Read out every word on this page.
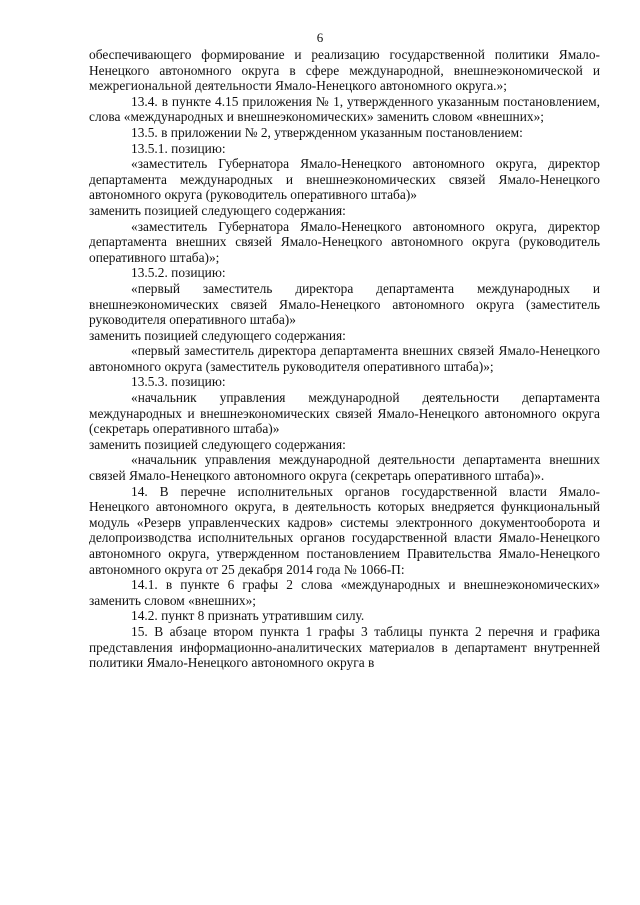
6

обеспечивающего формирование и реализацию государственной политики Ямало-Ненецкого автономного округа в сфере международной, внешнеэкономической и межрегиональной деятельности Ямало-Ненецкого автономного округа.»;

13.4. в пункте 4.15 приложения № 1, утвержденного указанным постановлением, слова «международных и внешнеэкономических» заменить словом «внешних»;

13.5. в приложении № 2, утвержденном указанным постановлением:

13.5.1. позицию:

«заместитель Губернатора Ямало-Ненецкого автономного округа, директор департамента международных и внешнеэкономических связей Ямало-Ненецкого автономного округа (руководитель оперативного штаба)»

заменить позицией следующего содержания:

«заместитель Губернатора Ямало-Ненецкого автономного округа, директор департамента внешних связей Ямало-Ненецкого автономного округа (руководитель оперативного штаба)»;

13.5.2. позицию:

«первый заместитель директора департамента международных и внешнеэкономических связей Ямало-Ненецкого автономного округа (заместитель руководителя оперативного штаба)»

заменить позицией следующего содержания:

«первый заместитель директора департамента внешних связей Ямало-Ненецкого автономного округа (заместитель руководителя оперативного штаба)»;

13.5.3. позицию:

«начальник управления международной деятельности департамента международных и внешнеэкономических связей Ямало-Ненецкого автономного округа (секретарь оперативного штаба)»

заменить позицией следующего содержания:

«начальник управления международной деятельности департамента внешних связей Ямало-Ненецкого автономного округа (секретарь оперативного штаба)».

14. В перечне исполнительных органов государственной власти Ямало-Ненецкого автономного округа, в деятельность которых внедряется функциональный модуль «Резерв управленческих кадров» системы электронного документооборота и делопроизводства исполнительных органов государственной власти Ямало-Ненецкого автономного округа, утвержденном постановлением Правительства Ямало-Ненецкого автономного округа от 25 декабря 2014 года № 1066-П:

14.1. в пункте 6 графы 2 слова «международных и внешнеэкономических» заменить словом «внешних»;

14.2. пункт 8 признать утратившим силу.

15. В абзаце втором пункта 1 графы 3 таблицы пункта 2 перечня и графика представления информационно-аналитических материалов в департамент внутренней политики Ямало-Ненецкого автономного округа в
